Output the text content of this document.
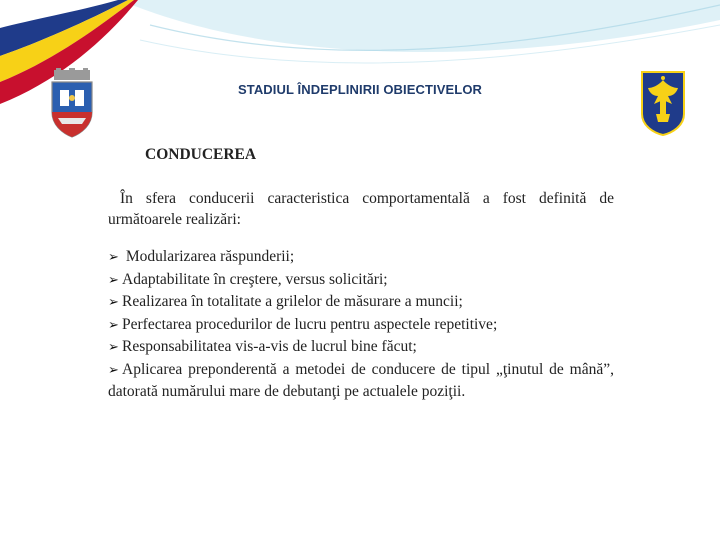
STADIUL ÎNDEPLINIRII OBIECTIVELOR
CONDUCEREA
În sfera conducerii caracteristica comportamentală a fost definită de următoarele realizări:
➢ Modularizarea răspunderii;
➢ Adaptabilitate în creştere, versus solicitări;
➢ Realizarea în totalitate a grilelor de măsurare a muncii;
➢ Perfectarea procedurilor de lucru pentru aspectele repetitive;
➢ Responsabilitatea vis-a-vis de lucrul bine făcut;
➢ Aplicarea preponderentă a metodei de conducere de tipul „ţinutul de mână”, datorată numărului mare de debutanţi pe actualele poziţii.
